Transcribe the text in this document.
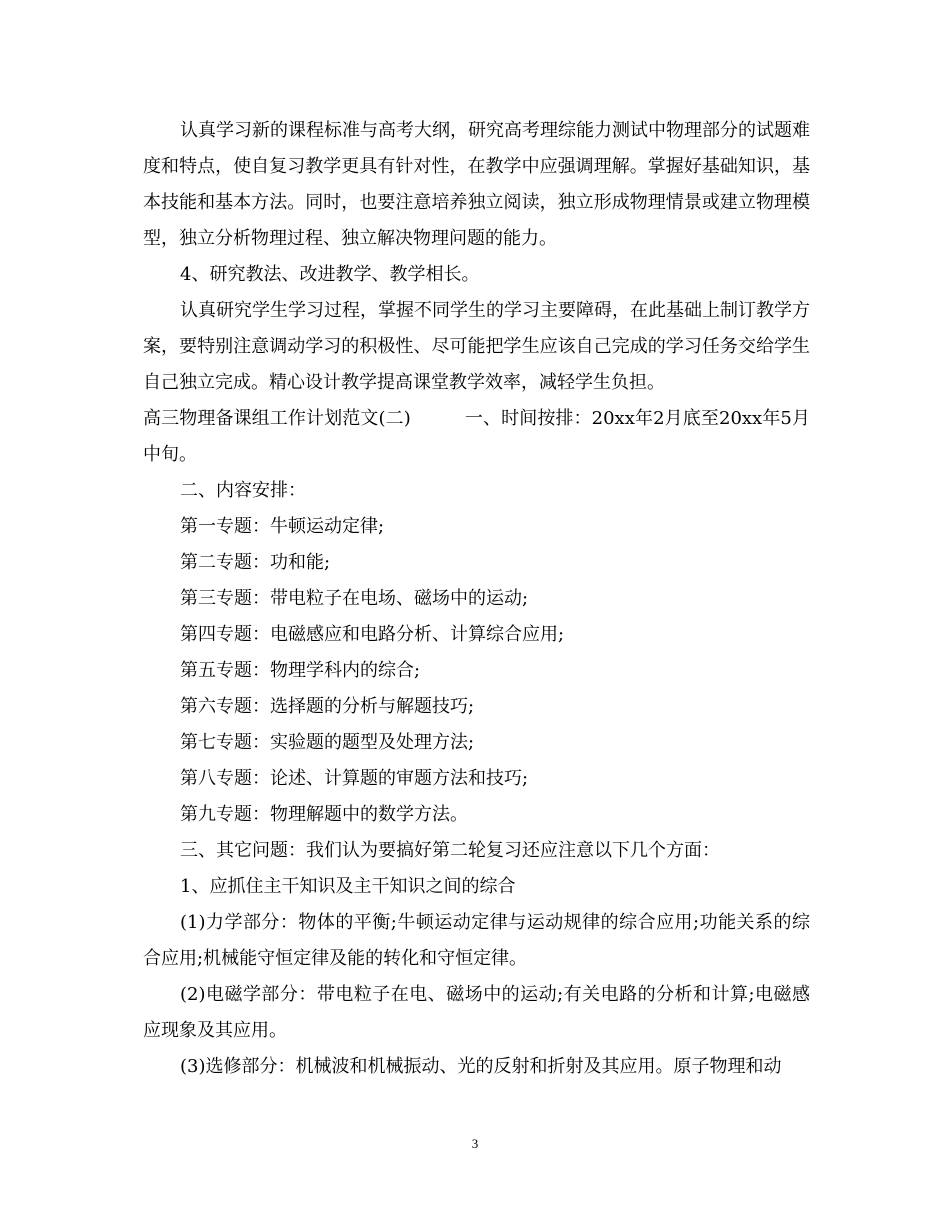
认真学习新的课程标准与高考大纲，研究高考理综能力测试中物理部分的试题难度和特点，使自复习教学更具有针对性，在教学中应强调理解。掌握好基础知识，基本技能和基本方法。同时，也要注意培养独立阅读，独立形成物理情景或建立物理模型，独立分析物理过程、独立解决物理问题的能力。

4、研究教法、改进教学、教学相长。

认真研究学生学习过程，掌握不同学生的学习主要障碍，在此基础上制订教学方案，要特别注意调动学习的积极性、尽可能把学生应该自己完成的学习任务交给学生自己独立完成。精心设计教学提高课堂教学效率，减轻学生负担。

高三物理备课组工作计划范文(二)	一、时间按排：20xx年2月底至20xx年5月中旬。

二、内容安排：

第一专题：牛顿运动定律;

第二专题：功和能;

第三专题：带电粒子在电场、磁场中的运动;

第四专题：电磁感应和电路分析、计算综合应用;

第五专题：物理学科内的综合;

第六专题：选择题的分析与解题技巧;

第七专题：实验题的题型及处理方法;

第八专题：论述、计算题的审题方法和技巧;

第九专题：物理解题中的数学方法。

三、其它问题：我们认为要搞好第二轮复习还应注意以下几个方面：

1、应抓住主干知识及主干知识之间的综合

(1)力学部分：物体的平衡;牛顿运动定律与运动规律的综合应用;功能关系的综合应用;机械能守恒定律及能的转化和守恒定律。

(2)电磁学部分：带电粒子在电、磁场中的运动;有关电路的分析和计算;电磁感应现象及其应用。

(3)选修部分：机械波和机械振动、光的反射和折射及其应用。原子物理和动

3
